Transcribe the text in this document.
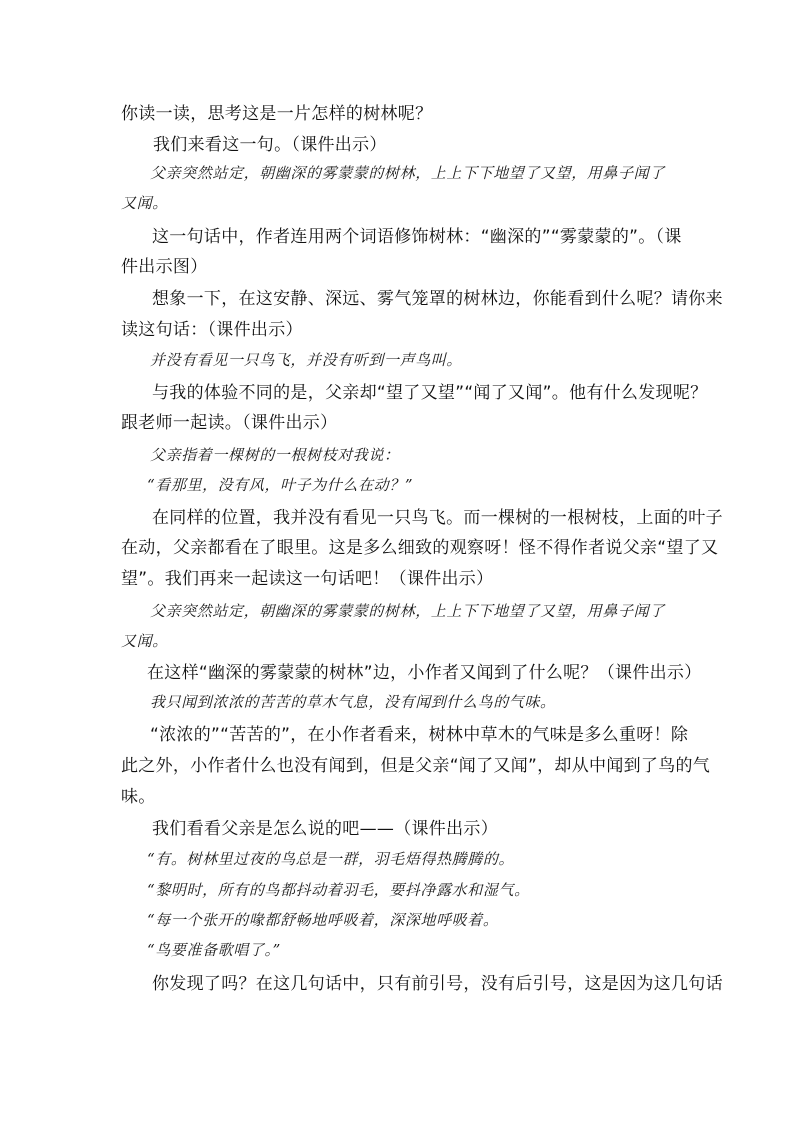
你读一读，思考这是一片怎样的树林呢？
我们来看这一句。（课件出示）
父亲突然站定，朝幽深的雾蒙蒙的树林，上上下下地望了又望，用鼻子闻了
又闻。
这一句话中，作者连用两个词语修饰树林：“幽深的”“雾蒙蒙的”。（课
件出示图）
想象一下，在这安静、深远、雾气笼罩的树林边，你能看到什么呢？请你来
读这句话：（课件出示）
并没有看见一只鸟飞，并没有听到一声鸟叫。
与我的体验不同的是，父亲却“望了又望”“闻了又闻”。他有什么发现呢？
跟老师一起读。（课件出示）
父亲指着一棵树的一根树枝对我说：
“看那里，没有风，叶子为什么在动？”
在同样的位置，我并没有看见一只鸟飞。而一棵树的一根树枝，上面的叶子
在动，父亲都看在了眼里。这是多么细致的观察呀！怪不得作者说父亲“望了又
望”。我们再来一起读这一句话吧！（课件出示）
父亲突然站定，朝幽深的雾蒙蒙的树林，上上下下地望了又望，用鼻子闻了
又闻。
在这样“幽深的雾蒙蒙的树林”边，小作者又闻到了什么呢？（课件出示）
我只闻到浓浓的苦苦的草木气息，没有闻到什么鸟的气味。
“浓浓的”“苦苦的”，在小作者看来，树林中草木的气味是多么重呀！除
此之外，小作者什么也没有闻到，但是父亲“闻了又闻”，却从中闻到了鸟的气
味。
我们看看父亲是怎么说的吧——（课件出示）
“有。树林里过夜的鸟总是一群，羽毛焐得热腾腾的。
“黎明时，所有的鸟都抖动着羽毛，要抖净露水和湿气。
“每一个张开的喙都舒畅地呼吸着，深深地呼吸着。
“鸟要准备歌唱了。”
你发现了吗？在这几句话中，只有前引号，没有后引号，这是因为这几句话
